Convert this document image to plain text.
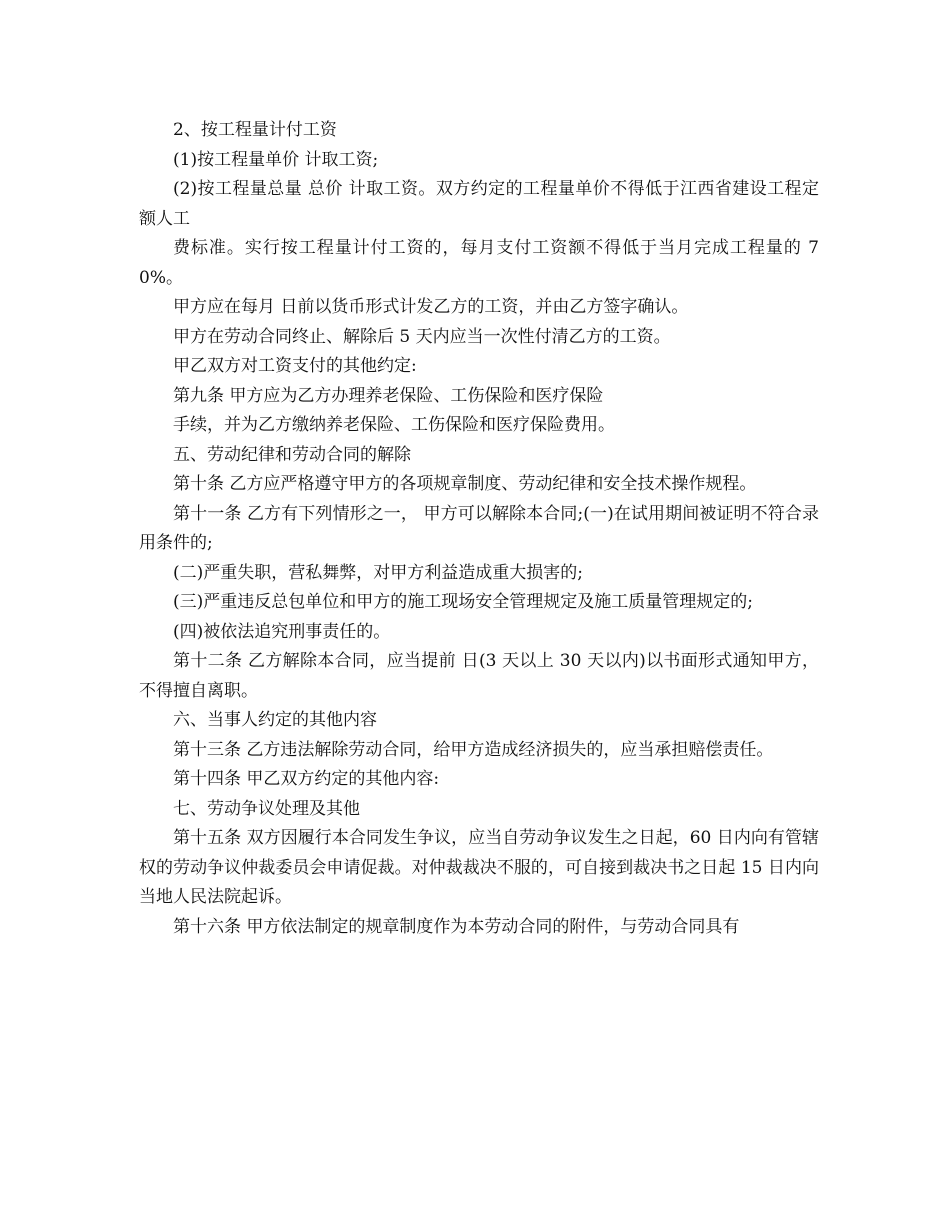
2、按工程量计付工资

(1)按工程量单价 计取工资;

(2)按工程量总量 总价 计取工资。双方约定的工程量单价不得低于江西省建设工程定额人工

费标准。实行按工程量计付工资的，每月支付工资额不得低于当月完成工程量的 70%。

甲方应在每月 日前以货币形式计发乙方的工资，并由乙方签字确认。

甲方在劳动合同终止、解除后 5 天内应当一次性付清乙方的工资。

甲乙双方对工资支付的其他约定:

第九条 甲方应为乙方办理养老保险、工伤保险和医疗保险

手续，并为乙方缴纳养老保险、工伤保险和医疗保险费用。

五、劳动纪律和劳动合同的解除

第十条 乙方应严格遵守甲方的各项规章制度、劳动纪律和安全技术操作规程。

第十一条 乙方有下列情形之一， 甲方可以解除本合同;(一)在试用期间被证明不符合录用条件的;

(二)严重失职，营私舞弊，对甲方利益造成重大损害的;

(三)严重违反总包单位和甲方的施工现场安全管理规定及施工质量管理规定的;

(四)被依法追究刑事责任的。

第十二条 乙方解除本合同，应当提前 日(3 天以上 30 天以内)以书面形式通知甲方，不得擅自离职。

六、当事人约定的其他内容

第十三条 乙方违法解除劳动合同，给甲方造成经济损失的，应当承担赔偿责任。

第十四条 甲乙双方约定的其他内容:

七、劳动争议处理及其他

第十五条 双方因履行本合同发生争议，应当自劳动争议发生之日起，60 日内向有管辖权的劳动争议仲裁委员会申请促裁。对仲裁裁决不服的，可自接到裁决书之日起 15 日内向当地人民法院起诉。

第十六条 甲方依法制定的规章制度作为本劳动合同的附件，与劳动合同具有
